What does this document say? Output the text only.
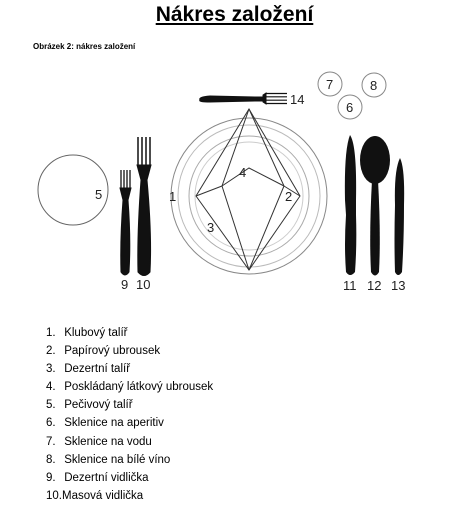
Nákres založení
Obrázek 2: nákres založení
1	2
3
4
5
6
7	8
9 10	11 12 13
14
1. Klubový talíř
2. Papírový ubrousek
3. Dezertní talíř
4. Poskládaný látkový ubrousek
5. Pečivový talíř
6. Sklenice na aperitiv
7. Sklenice na vodu
8. Sklenice na bílé víno
9. Dezertní vidlička
10.Masová vidlička
